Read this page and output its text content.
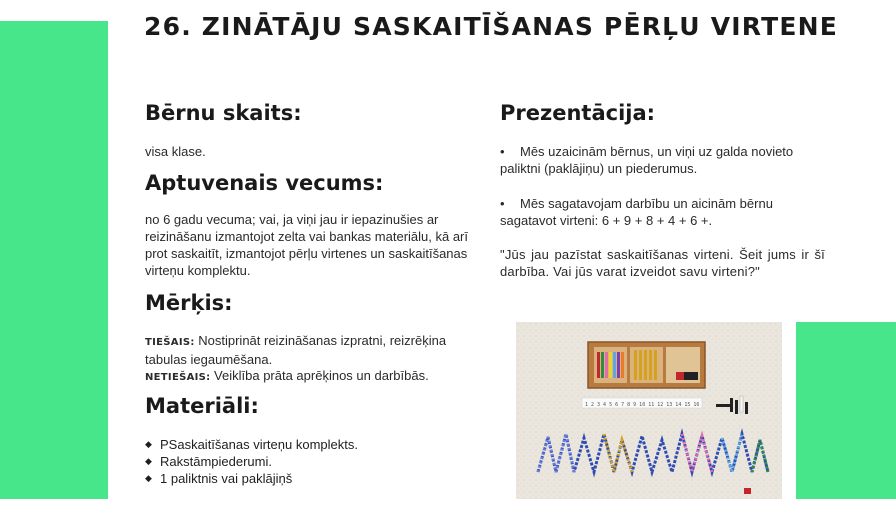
26. ZINĀTĀJU SASKAITĪŠANAS PĒRĻU VIRTENE
Bērnu skaits:

visa klase.

Aptuvenais vecums:

no 6 gadu vecuma; vai, ja viņi jau ir iepazinušies ar reizināšanu izmantojot zelta vai bankas materiālu, kā arī prot saskaitīt, izmantojot pērļu virtenes un saskaitīšanas virteņu komplektu.

Mērķis:
TIEŠAIS: Nostiprināt reizināšanas izpratni, reizrēķina tabulas iegaumēšana.
NETIEŠAIS: Veiklība prāta aprēķinos un darbībās.
Materiāli:
◆ PSaskaitīšanas virteņu komplekts.
◆ Rakstāmpiederumi.
◆ 1 paliktnis vai paklājiņš
Prezentācija:

• Mēs uzaicinām bērnus, un viņi uz galda novieto paliktni (paklājiņu) un piederumus.

• Mēs sagatavojam darbību un aicinām bērnu sagatavot virteni: 6 + 9 + 8 + 4 + 6 +.

"Jūs jau pazīstat saskaitīšanas virteni. Šeit jums ir šī darbība. Vai jūs varat izveidot savu virteni?"

1 2 3 4 5 6 7 8 9 10 11 12 13 14 15 16
